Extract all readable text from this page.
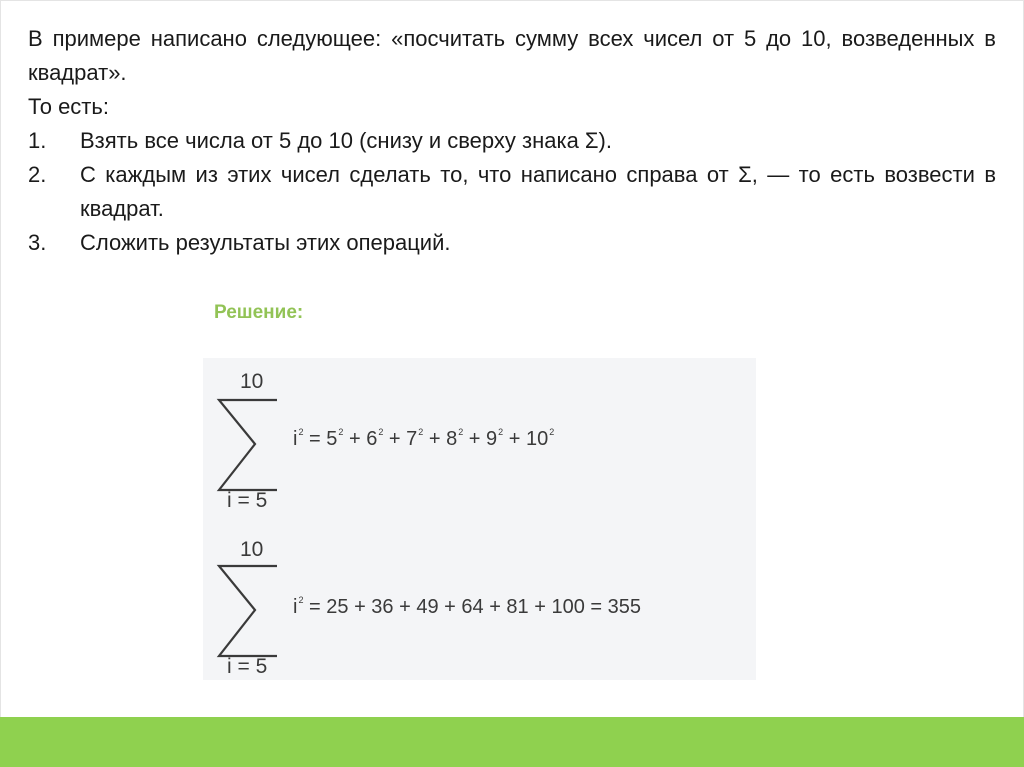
В примере написано следующее: «посчитать сумму всех чисел от 5 до 10, возведенных в квадрат».

То есть:

1.	Взять все числа от 5 до 10 (снизу и сверху знака Σ).
2.	С каждым из этих чисел сделать то, что написано справа от Σ, — то есть возвести в квадрат.
3.	Сложить результаты этих операций.
Решение:
10
i = 5
$i^2 = 5^2 + 6^2 + 7^2 + 8^2 + 9^2 + 10^2$
10
i = 5
$i^2 = 25 + 36 + 49 + 64 + 81 + 100 = 355$
